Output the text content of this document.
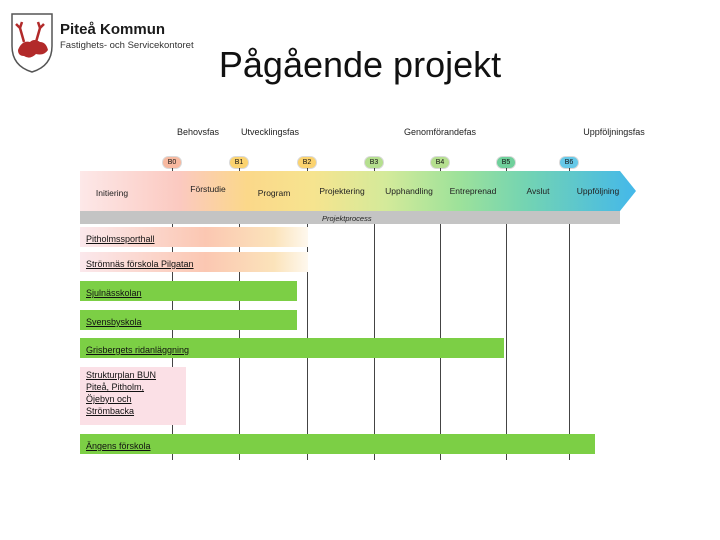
Piteå Kommun
Fastighets- och Servicekontoret Pågående projekt
Behovsfas Utvecklingsfas	Genomförandefas	Uppföljningsfas
B0	B1	B2	B3	B4	B5	B6
Initiering	Förstudie	Program	Projektering Upphandling Entreprenad	Avslut	Uppföljning
Projektprocess
Pitholmssporthall
Strömnäs förskola Pilgatan
Sjulnässkolan
Svensbyskola
Grisbergets ridanläggning
Strukturplan BUN
Piteå, Pitholm,
Öjebyn och
Strömbacka
Ängens förskola
